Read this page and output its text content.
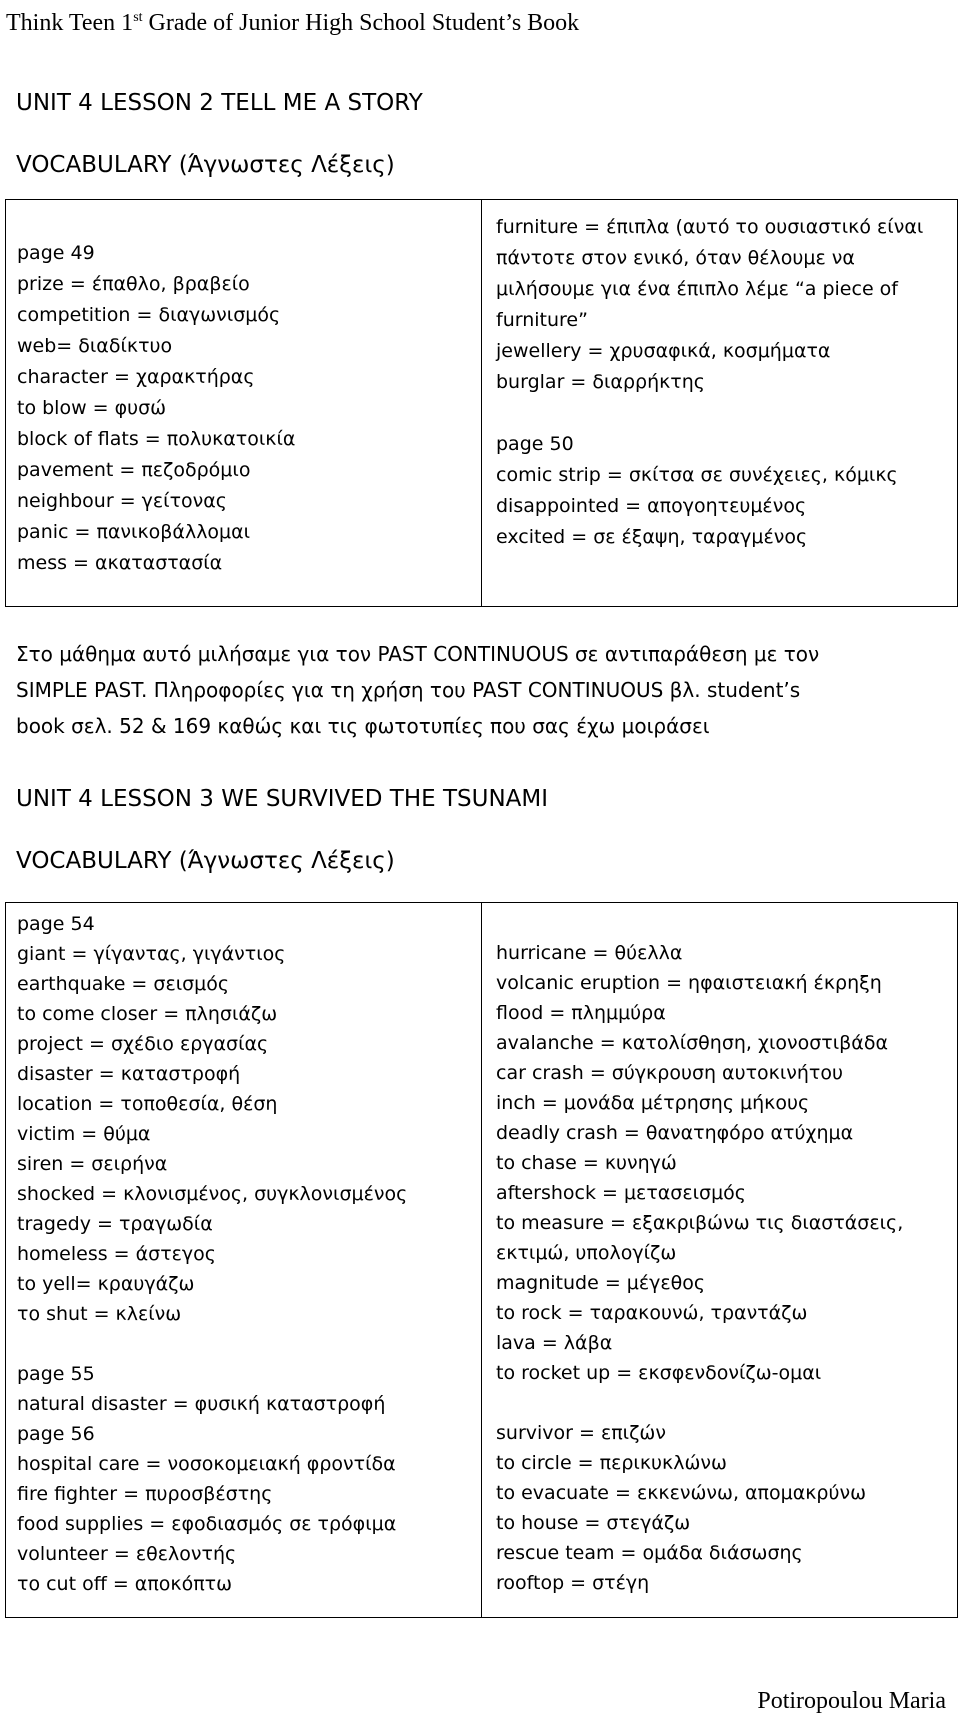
Think Teen 1st Grade of Junior High School Student’s Book
UNIT 4 LESSON 2 TELL ME A STORY
VOCABULARY (Άγνωστες Λέξεις)
page 49
prize = έπαθλο, βραβείο
competition = διαγωνισμός
web= διαδίκτυο
character = χαρακτήρας
to blow = φυσώ
block of flats = πολυκατοικία
pavement = πεζοδρόμιο
neighbour = γείτονας
panic = πανικοβάλλομαι
mess = ακαταστασία

furniture = έπιπλα (αυτό το ουσιαστικό είναι
πάντοτε στον ενικό, όταν θέλουμε να
μιλήσουμε για ένα έπιπλο λέμε “a piece of
furniture”
jewellery = χρυσαφικά, κοσμήματα
burglar = διαρρήκτης
page 50
comic strip = σκίτσα σε συνέχειες, κόμικς
disappointed = απογοητευμένος
excited = σε έξαψη, ταραγμένος
Στο μάθημα αυτό μιλήσαμε για τον PAST CONTINUOUS σε αντιπαράθεση με τον
SIMPLE PAST. Πληροφορίες για τη χρήση του PAST CONTINUOUS βλ. student’s
book σελ. 52 & 169 καθώς και τις φωτοτυπίες που σας έχω μοιράσει
UNIT 4 LESSON 3 WE SURVIVED THE TSUNAMI
VOCABULARY (Άγνωστες Λέξεις)
page 54
giant = γίγαντας, γιγάντιος
earthquake = σεισμός
to come closer = πλησιάζω
project = σχέδιο εργασίας
disaster = καταστροφή
location = τοποθεσία, θέση
victim = θύμα
siren = σειρήνα
shocked = κλονισμένος, συγκλονισμένος
tragedy = τραγωδία
homeless = άστεγος
to yell= κραυγάζω
το shut = κλείνω
page 55
natural disaster = φυσική καταστροφή
page 56
hospital care = νοσοκομειακή φροντίδα
fire fighter = πυροσβέστης
food supplies = εφοδιασμός σε τρόφιμα
volunteer = εθελοντής
το cut off = αποκόπτω

hurricane = θύελλα
volcanic eruption = ηφαιστειακή έκρηξη
flood = πλημμύρα
avalanche = κατολίσθηση, χιονοστιβάδα
car crash = σύγκρουση αυτοκινήτου
inch = μονάδα μέτρησης μήκους
deadly crash = θανατηφόρο ατύχημα
to chase = κυνηγώ
aftershock = μετασεισμός
to measure = εξακριβώνω τις διαστάσεις,
εκτιμώ, υπολογίζω
magnitude = μέγεθος
to rock = ταρακουνώ, τραντάζω
lava = λάβα
to rocket up = εκσφενδονίζω-ομαι
survivor = επιζών
to circle = περικυκλώνω
to evacuate = εκκενώνω, απομακρύνω
to house = στεγάζω
rescue team = ομάδα διάσωσης
rooftop = στέγη
Potiropoulou Maria
